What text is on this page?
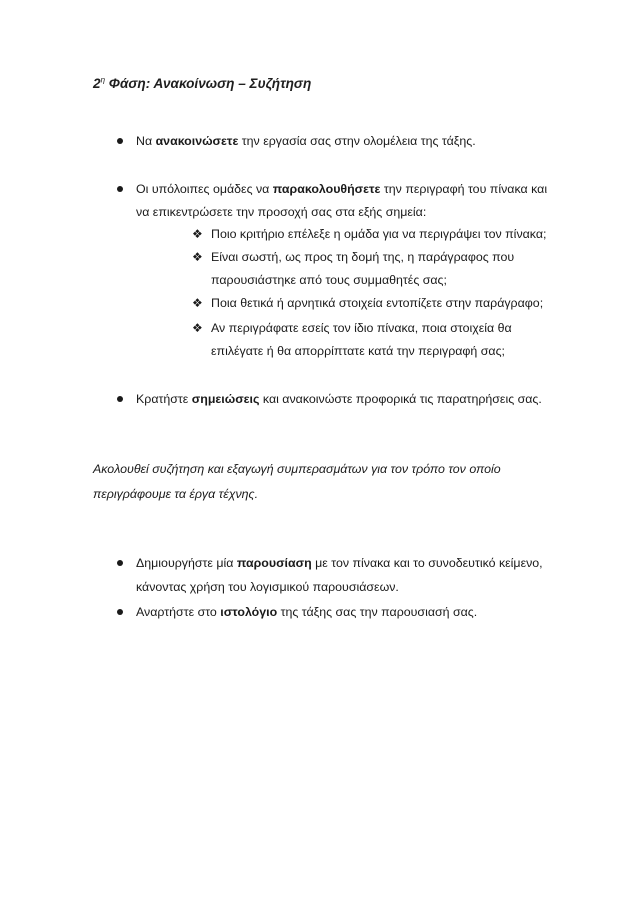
$2^\eta$ Φάση: Ανακοίνωση – Συζήτηση
Να ανακοινώσετε την εργασία σας στην ολομέλεια της τάξης.
Οι υπόλοιπες ομάδες να παρακολουθήσετε την περιγραφή του πίνακα και
να επικεντρώσετε την προσοχή σας στα εξής σημεία:
❖ Ποιο κριτήριο επέλεξε η ομάδα για να περιγράψει τον πίνακα;
❖ Είναι σωστή, ως προς τη δομή της, η παράγραφος που
παρουσιάστηκε από τους συμμαθητές σας;
❖ Ποια θετικά ή αρνητικά στοιχεία εντοπίζετε στην παράγραφο;
❖ Αν περιγράφατε εσείς τον ίδιο πίνακα, ποια στοιχεία θα
επιλέγατε ή θα απορρίπτατε κατά την περιγραφή σας;
Κρατήστε σημειώσεις και ανακοινώστε προφορικά τις παρατηρήσεις σας.
Ακολουθεί συζήτηση και εξαγωγή συμπερασμάτων για τον τρόπο τον οποίο
περιγράφουμε τα έργα τέχνης.
Δημιουργήστε μία παρουσίαση με τον πίνακα και το συνοδευτικό κείμενο,
κάνοντας χρήση του λογισμικού παρουσιάσεων.
Αναρτήστε στο ιστολόγιο της τάξης σας την παρουσιασή σας.
